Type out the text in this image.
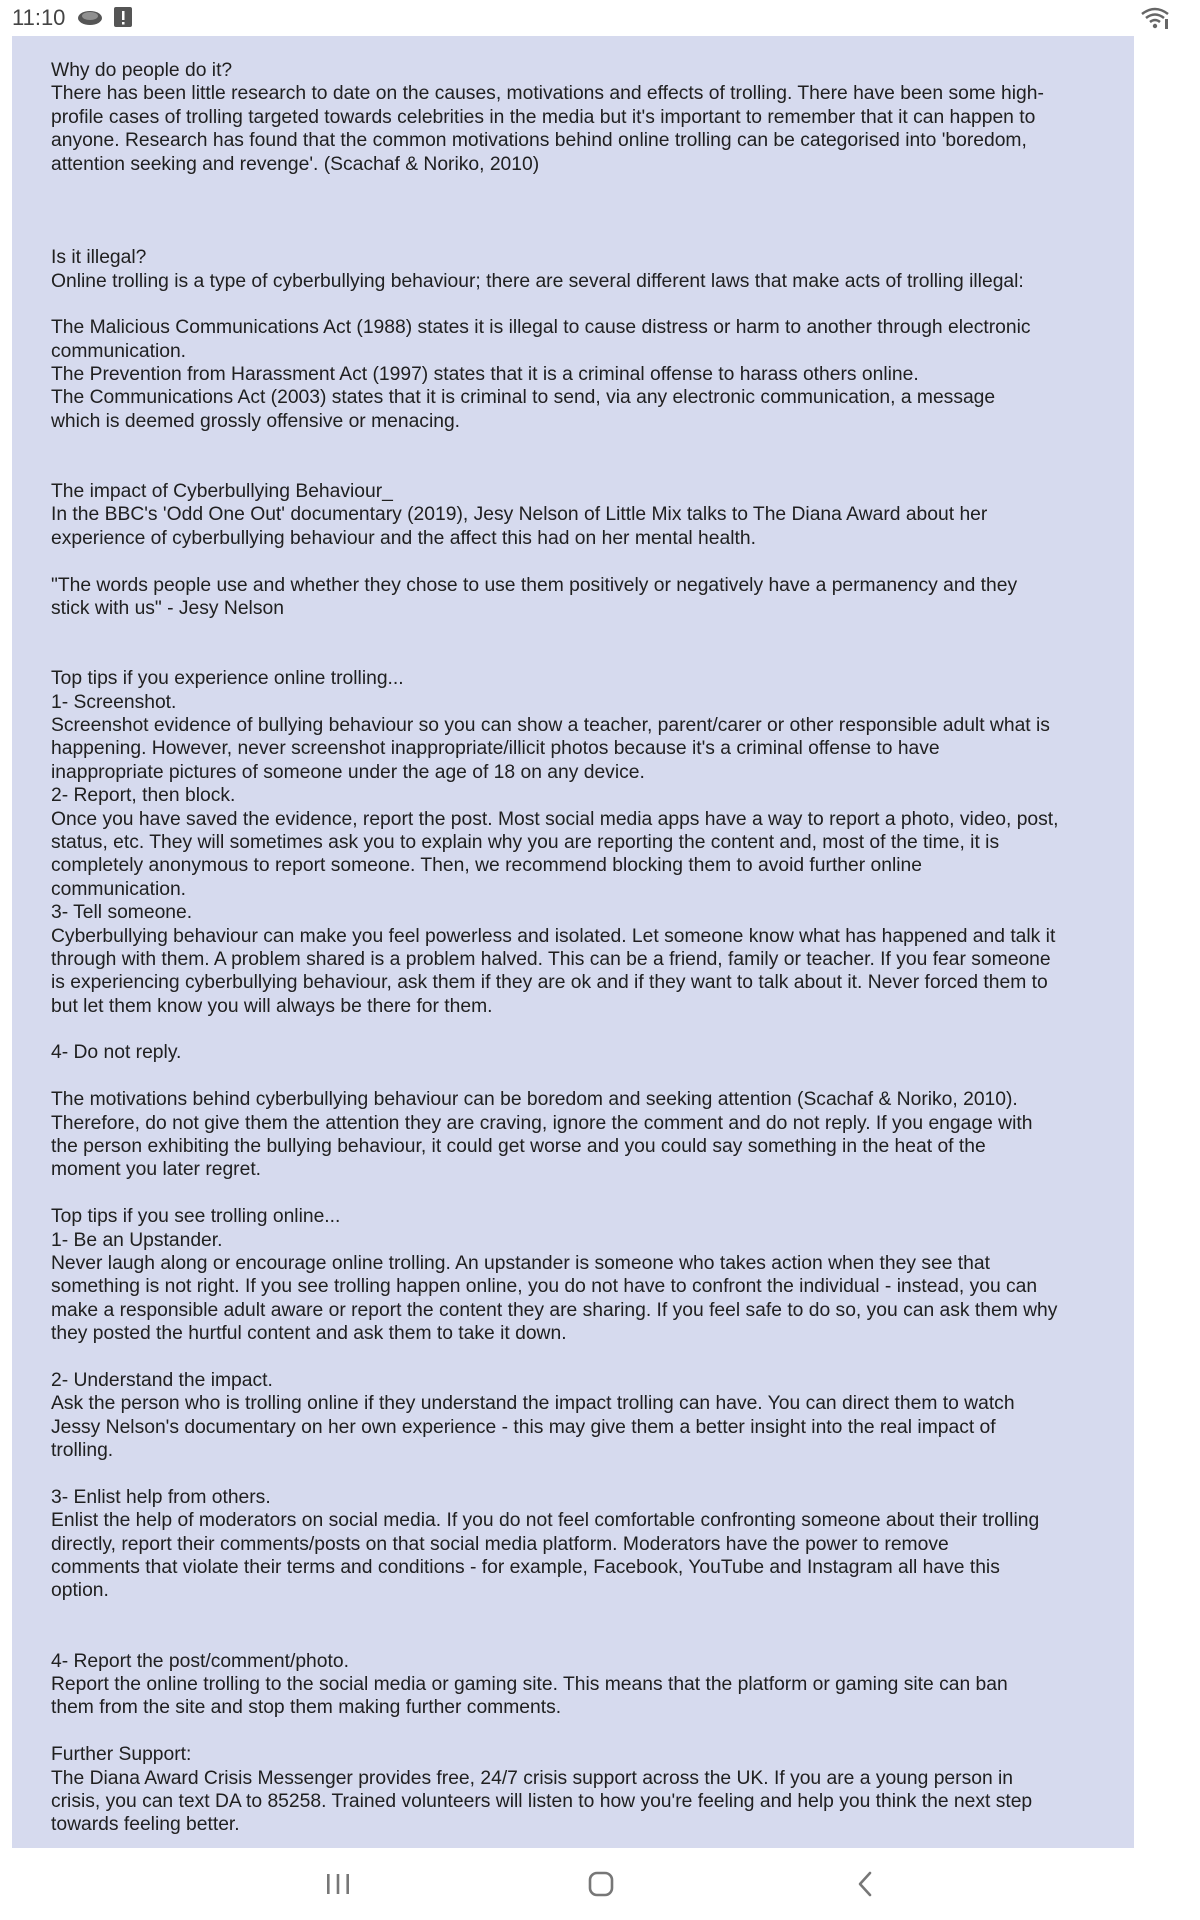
11:10
Why do people do it?
There has been little research to date on the causes, motivations and effects of trolling. There have been some high-
profile cases of trolling targeted towards celebrities in the media but it's important to remember that it can happen to
anyone. Research has found that the common motivations behind online trolling can be categorised into 'boredom,
attention seeking and revenge'. (Scachaf & Noriko, 2010)
Is it illegal?
Online trolling is a type of cyberbullying behaviour; there are several different laws that make acts of trolling illegal:
The Malicious Communications Act (1988) states it is illegal to cause distress or harm to another through electronic
communication.
The Prevention from Harassment Act (1997) states that it is a criminal offense to harass others online.
The Communications Act (2003) states that it is criminal to send, via any electronic communication, a message
which is deemed grossly offensive or menacing.
The impact of Cyberbullying Behaviour_
In the BBC's 'Odd One Out' documentary (2019), Jesy Nelson of Little Mix talks to The Diana Award about her
experience of cyberbullying behaviour and the affect this had on her mental health.
"The words people use and whether they chose to use them positively or negatively have a permanency and they
stick with us" - Jesy Nelson
Top tips if you experience online trolling...
1- Screenshot.
Screenshot evidence of bullying behaviour so you can show a teacher, parent/carer or other responsible adult what is
happening. However, never screenshot inappropriate/illicit photos because it's a criminal offense to have
inappropriate pictures of someone under the age of 18 on any device.
2- Report, then block.
Once you have saved the evidence, report the post. Most social media apps have a way to report a photo, video, post,
status, etc. They will sometimes ask you to explain why you are reporting the content and, most of the time, it is
completely anonymous to report someone. Then, we recommend blocking them to avoid further online
communication.
3- Tell someone.
Cyberbullying behaviour can make you feel powerless and isolated. Let someone know what has happened and talk it
through with them. A problem shared is a problem halved. This can be a friend, family or teacher. If you fear someone
is experiencing cyberbullying behaviour, ask them if they are ok and if they want to talk about it. Never forced them to
but let them know you will always be there for them.
4- Do not reply.
The motivations behind cyberbullying behaviour can be boredom and seeking attention (Scachaf & Noriko, 2010).
Therefore, do not give them the attention they are craving, ignore the comment and do not reply. If you engage with
the person exhibiting the bullying behaviour, it could get worse and you could say something in the heat of the
moment you later regret.
Top tips if you see trolling online...
1- Be an Upstander.
Never laugh along or encourage online trolling. An upstander is someone who takes action when they see that
something is not right. If you see trolling happen online, you do not have to confront the individual - instead, you can
make a responsible adult aware or report the content they are sharing. If you feel safe to do so, you can ask them why
they posted the hurtful content and ask them to take it down.
2- Understand the impact.
Ask the person who is trolling online if they understand the impact trolling can have. You can direct them to watch
Jessy Nelson's documentary on her own experience - this may give them a better insight into the real impact of
trolling.
3- Enlist help from others.
Enlist the help of moderators on social media. If you do not feel comfortable confronting someone about their trolling
directly, report their comments/posts on that social media platform. Moderators have the power to remove
comments that violate their terms and conditions - for example, Facebook, YouTube and Instagram all have this
option.
4- Report the post/comment/photo.
Report the online trolling to the social media or gaming site. This means that the platform or gaming site can ban
them from the site and stop them making further comments.
Further Support:
The Diana Award Crisis Messenger provides free, 24/7 crisis support across the UK. If you are a young person in
crisis, you can text DA to 85258. Trained volunteers will listen to how you're feeling and help you think the next step
towards feeling better.
